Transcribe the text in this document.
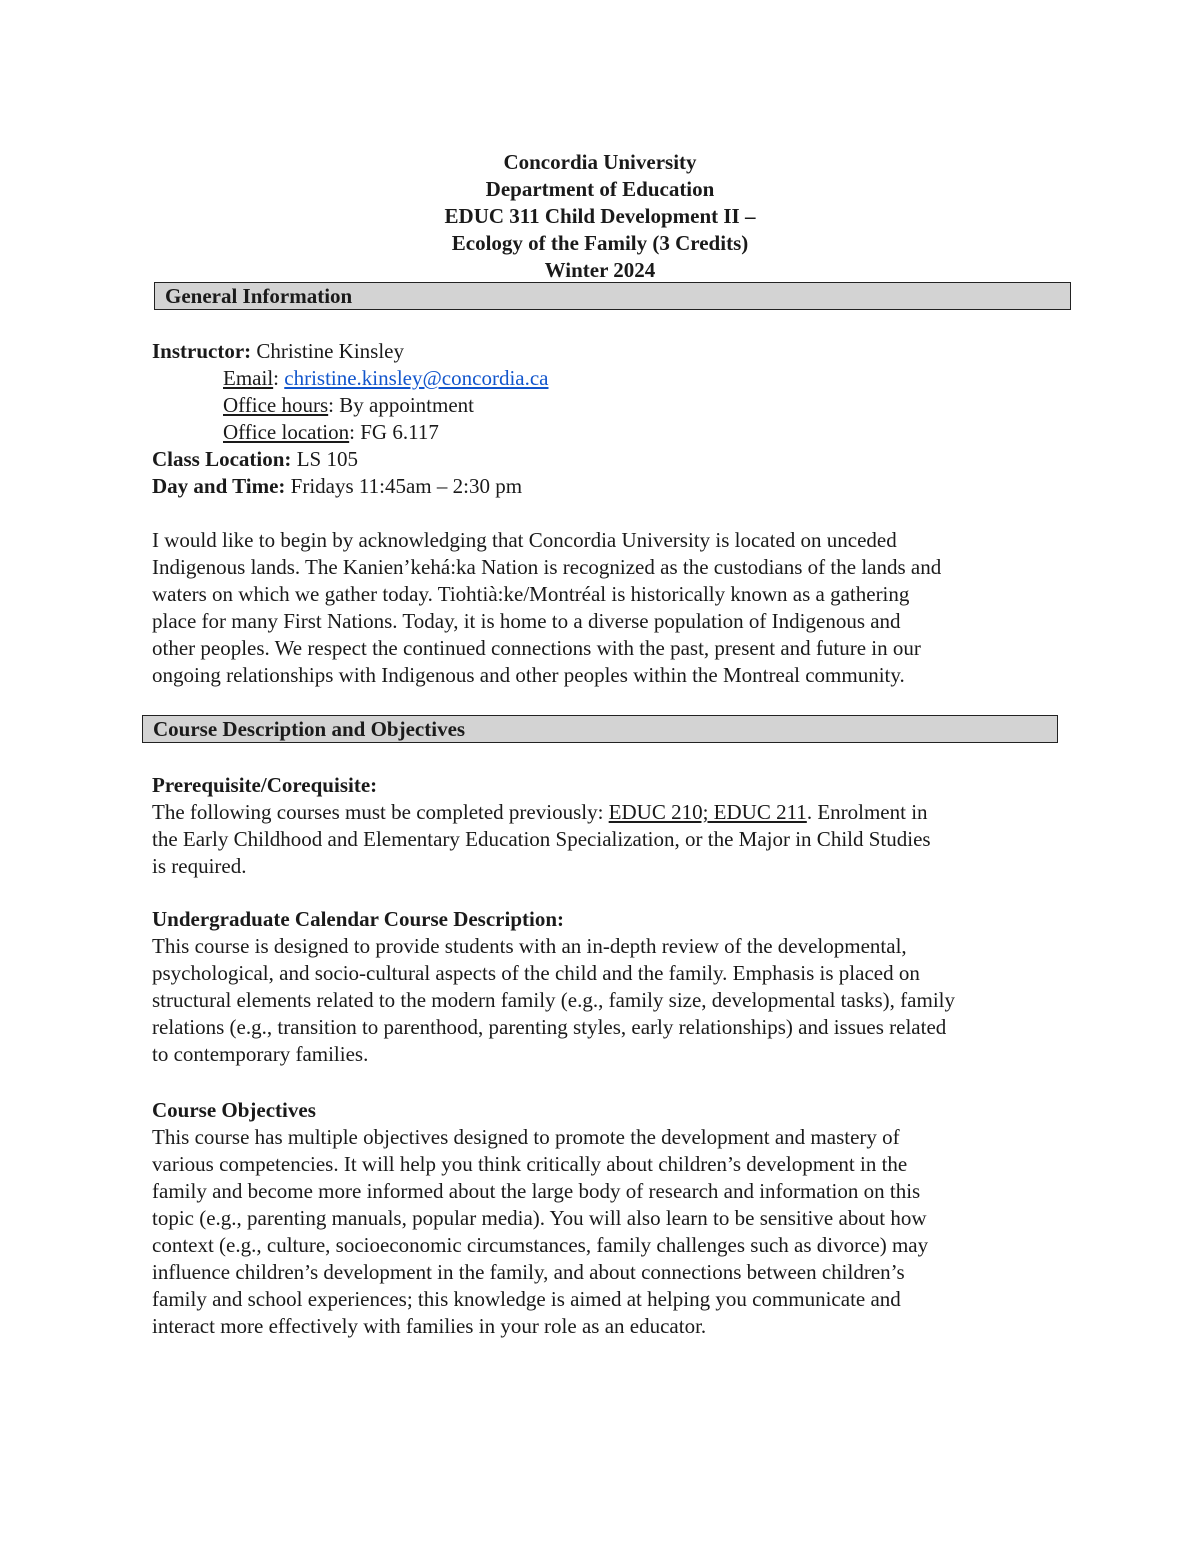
Concordia University
Department of Education
EDUC 311 Child Development II –
Ecology of the Family (3 Credits)
Winter 2024
General Information
Instructor: Christine Kinsley
Email: christine.kinsley@concordia.ca
Office hours: By appointment
Office location: FG 6.117
Class Location: LS 105
Day and Time: Fridays 11:45am – 2:30 pm
I would like to begin by acknowledging that Concordia University is located on unceded
Indigenous lands. The Kanien’kehá:ka Nation is recognized as the custodians of the lands and
waters on which we gather today. Tiohtià:ke/Montréal is historically known as a gathering
place for many First Nations. Today, it is home to a diverse population of Indigenous and
other peoples. We respect the continued connections with the past, present and future in our
ongoing relationships with Indigenous and other peoples within the Montreal community.
Course Description and Objectives
Prerequisite/Corequisite:
The following courses must be completed previously: EDUC 210; EDUC 211. Enrolment in
the Early Childhood and Elementary Education Specialization, or the Major in Child Studies
is required.
Undergraduate Calendar Course Description:
This course is designed to provide students with an in-depth review of the developmental,
psychological, and socio-cultural aspects of the child and the family. Emphasis is placed on
structural elements related to the modern family (e.g., family size, developmental tasks), family
relations (e.g., transition to parenthood, parenting styles, early relationships) and issues related
to contemporary families.
Course Objectives
This course has multiple objectives designed to promote the development and mastery of
various competencies. It will help you think critically about children’s development in the
family and become more informed about the large body of research and information on this
topic (e.g., parenting manuals, popular media). You will also learn to be sensitive about how
context (e.g., culture, socioeconomic circumstances, family challenges such as divorce) may
influence children’s development in the family, and about connections between children’s
family and school experiences; this knowledge is aimed at helping you communicate and
interact more effectively with families in your role as an educator.
